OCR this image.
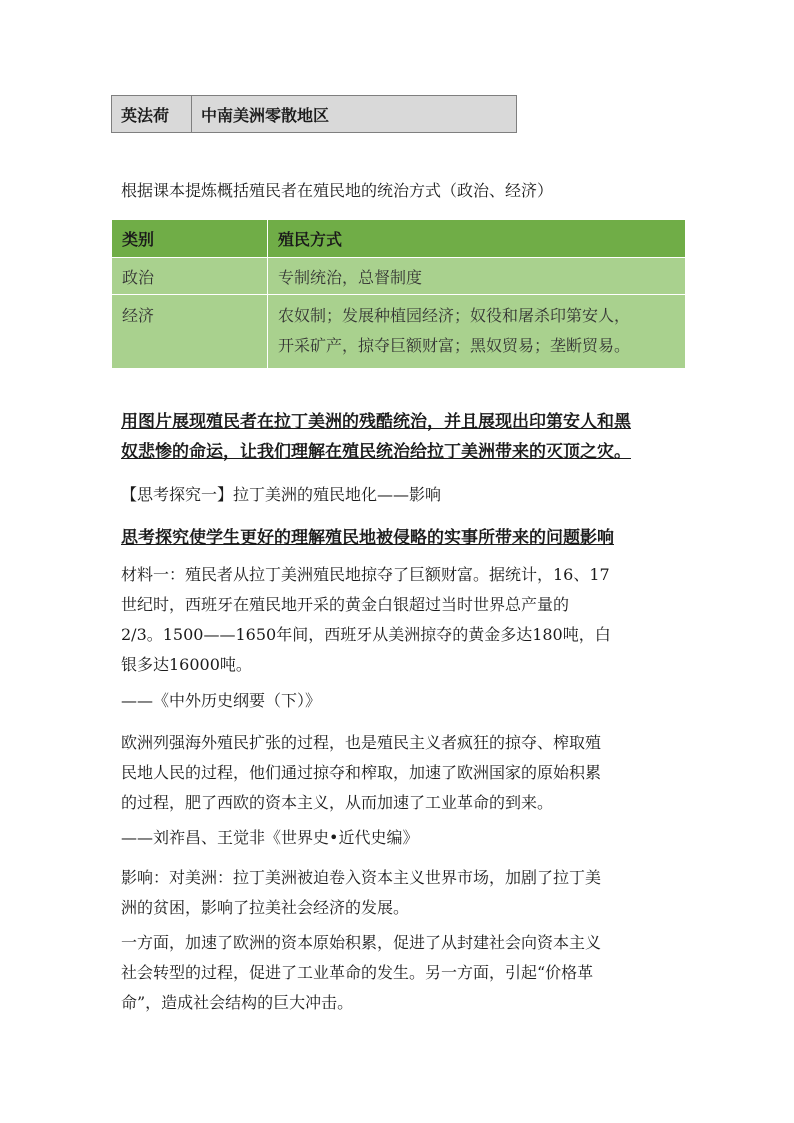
英法荷	中南美洲零散地区

根据课本提炼概括殖民者在殖民地的统治方式（政治、经济）

类别	殖民方式
政治	专制统治，总督制度
经济	农奴制；发展种植园经济；奴役和屠杀印第安人，
开采矿产，掠夺巨额财富；黑奴贸易；垄断贸易。
用图片展现殖民者在拉丁美洲的残酷统治，并且展现出印第安人和黑
奴悲惨的命运，让我们理解在殖民统治给拉丁美洲带来的灭顶之灾。

【思考探究一】拉丁美洲的殖民地化——影响

思考探究使学生更好的理解殖民地被侵略的实事所带来的问题影响

材料一：殖民者从拉丁美洲殖民地掠夺了巨额财富。据统计，16、17
世纪时，西班牙在殖民地开采的黄金白银超过当时世界总产量的
2/3。1500——1650年间，西班牙从美洲掠夺的黄金多达180吨，白
银多达16000吨。

——《中外历史纲要（下）》

欧洲列强海外殖民扩张的过程，也是殖民主义者疯狂的掠夺、榨取殖
民地人民的过程，他们通过掠夺和榨取，加速了欧洲国家的原始积累
的过程，肥了西欧的资本主义，从而加速了工业革命的到来。

——刘祚昌、王觉非《世界史•近代史编》

影响：对美洲：拉丁美洲被迫卷入资本主义世界市场，加剧了拉丁美
洲的贫困，影响了拉美社会经济的发展。
一方面，加速了欧洲的资本原始积累，促进了从封建社会向资本主义
社会转型的过程，促进了工业革命的发生。另一方面，引起“价格革
命”，造成社会结构的巨大冲击。
